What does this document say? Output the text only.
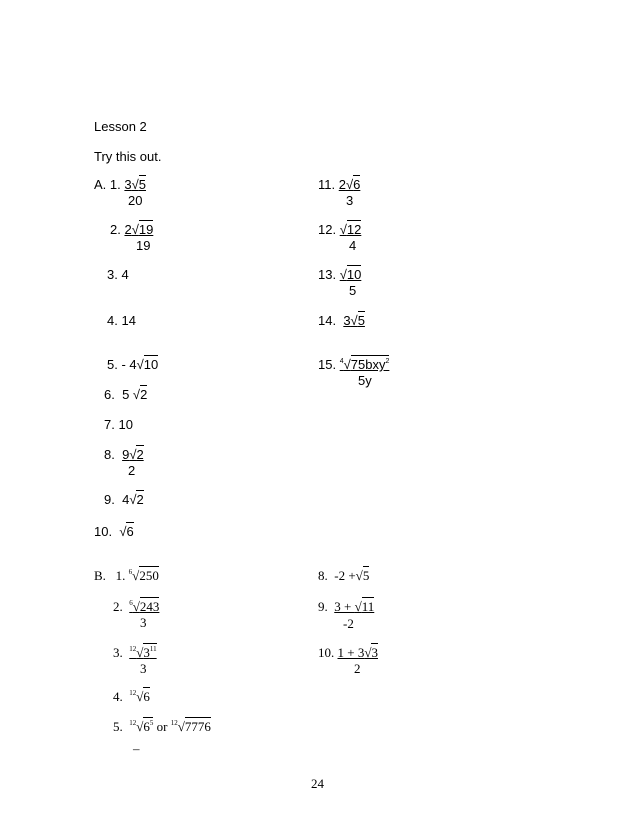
Lesson 2
Try this out.
A. 1. 3√5
20
2. 2√19
19
3. 4
4. 14
5. - 4√10
6. 5 √2
7. 10
8. 9√2
2
9. 4√2
10. √6
11. 2√6
3
12. √12
4
13. √10
5
14. 3√5
15. $^4$√75bxy$^2$
5y
B. 1. $^6$√250
2. $^6$√243
3
3. $^{12}√3^{11}$
3
4. $^{12}$√6
5. $^{12}√6^5$ or $^{12}$√7776
–
8. -2 +√5
9. 3 + √11
-2
10. 1 + 3√3
2
24
